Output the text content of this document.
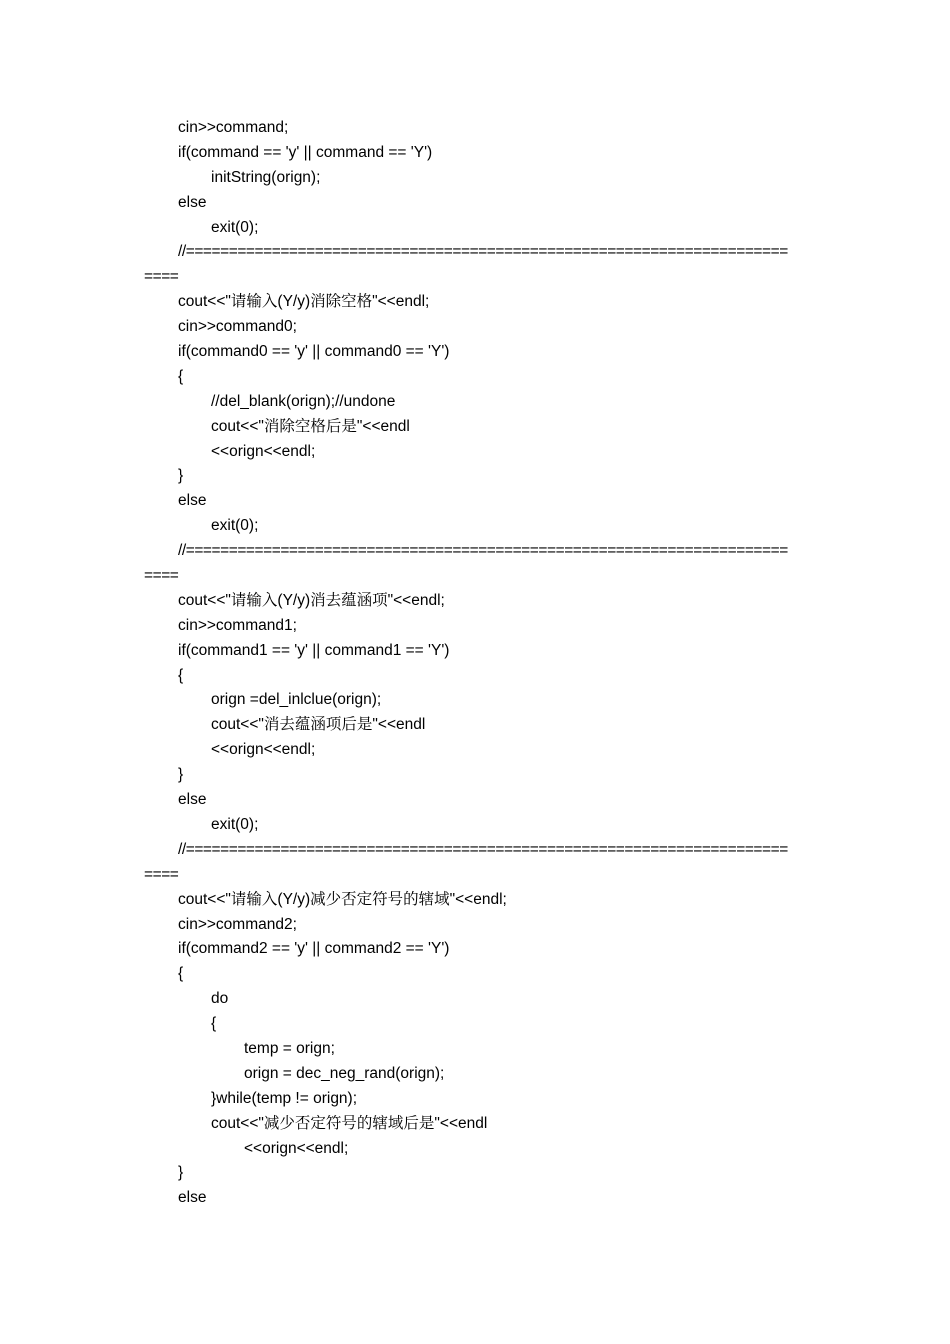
cin>>command;
if(command == 'y' || command == 'Y')
initString(orign);
else
exit(0);
//======================================================================
====
cout<<"请输入(Y/y)消除空格"<<endl;
cin>>command0;
if(command0 == 'y' || command0 == 'Y')
{
//del_blank(orign);//undone
cout<<"消除空格后是"<<endl
<<orign<<endl;
}
else
exit(0);
//======================================================================
====
cout<<"请输入(Y/y)消去蕴涵项"<<endl;
cin>>command1;
if(command1 == 'y' || command1 == 'Y')
{
orign =del_inlclue(orign);
cout<<"消去蕴涵项后是"<<endl
<<orign<<endl;
}
else
exit(0);
//======================================================================
====
cout<<"请输入(Y/y)减少否定符号的辖域"<<endl;
cin>>command2;
if(command2 == 'y' || command2 == 'Y')
{
do
{
temp = orign;
orign = dec_neg_rand(orign);
}while(temp != orign);
cout<<"减少否定符号的辖域后是"<<endl
<<orign<<endl;
}
else
